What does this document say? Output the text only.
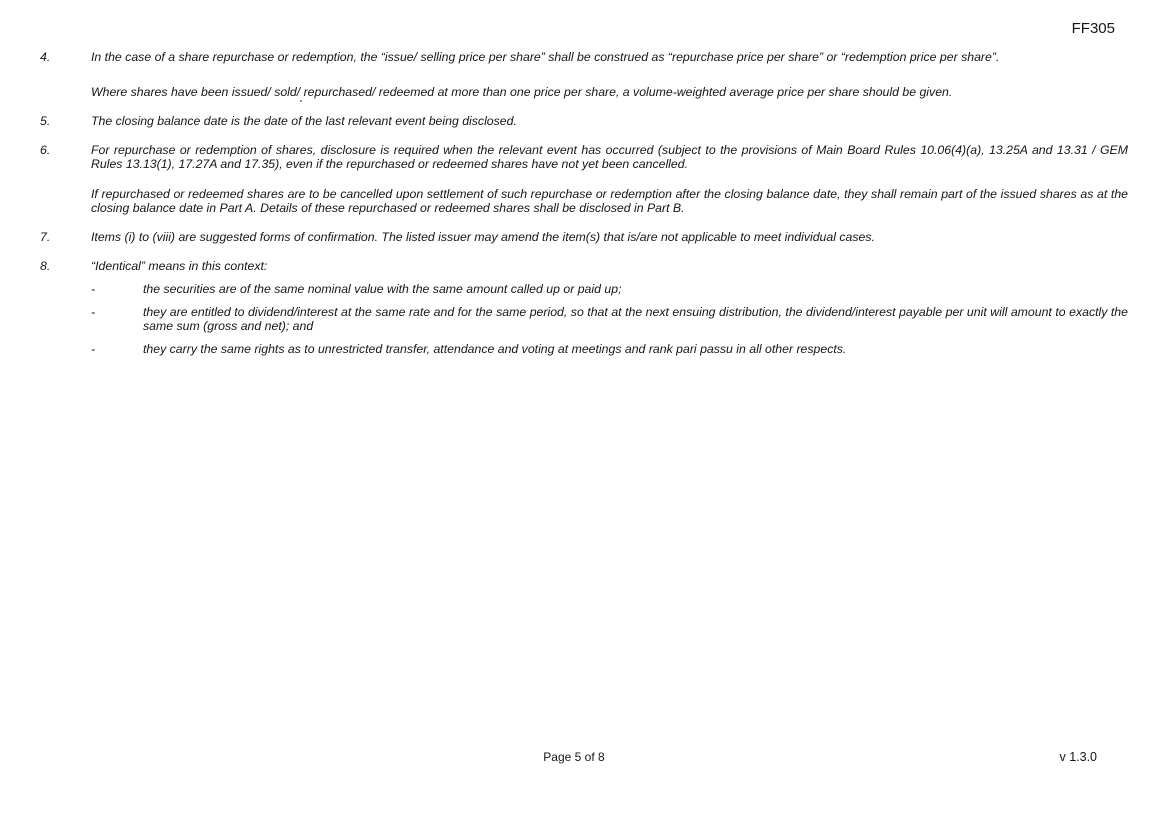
FF305
4.	In the case of a share repurchase or redemption, the “issue/ selling price per share” shall be construed as “repurchase price per share” or “redemption price per share”.

Where shares have been issued/ sold/ repurchased/ redeemed at more than one price per share, a volume-weighted average price per share should be given.

5.	The closing balance date is the date of the last relevant event being disclosed.

6.	For repurchase or redemption of shares, disclosure is required when the relevant event has occurred (subject to the provisions of Main Board Rules 10.06(4)(a), 13.25A and 13.31 / GEM Rules 13.13(1), 17.27A and 17.35), even if the repurchased or redeemed shares have not yet been cancelled.

If repurchased or redeemed shares are to be cancelled upon settlement of such repurchase or redemption after the closing balance date, they shall remain part of the issued shares as at the closing balance date in Part A. Details of these repurchased or redeemed shares shall be disclosed in Part B.

7.	Items (i) to (viii) are suggested forms of confirmation. The listed issuer may amend the item(s) that is/are not applicable to meet individual cases.

8.	“Identical” means in this context:

-	the securities are of the same nominal value with the same amount called up or paid up;

-	they are entitled to dividend/interest at the same rate and for the same period, so that at the next ensuing distribution, the dividend/interest payable per unit will amount to exactly the same sum (gross and net); and

-	they carry the same rights as to unrestricted transfer, attendance and voting at meetings and rank pari passu in all other respects.

Page 5 of 8	v 1.3.0
